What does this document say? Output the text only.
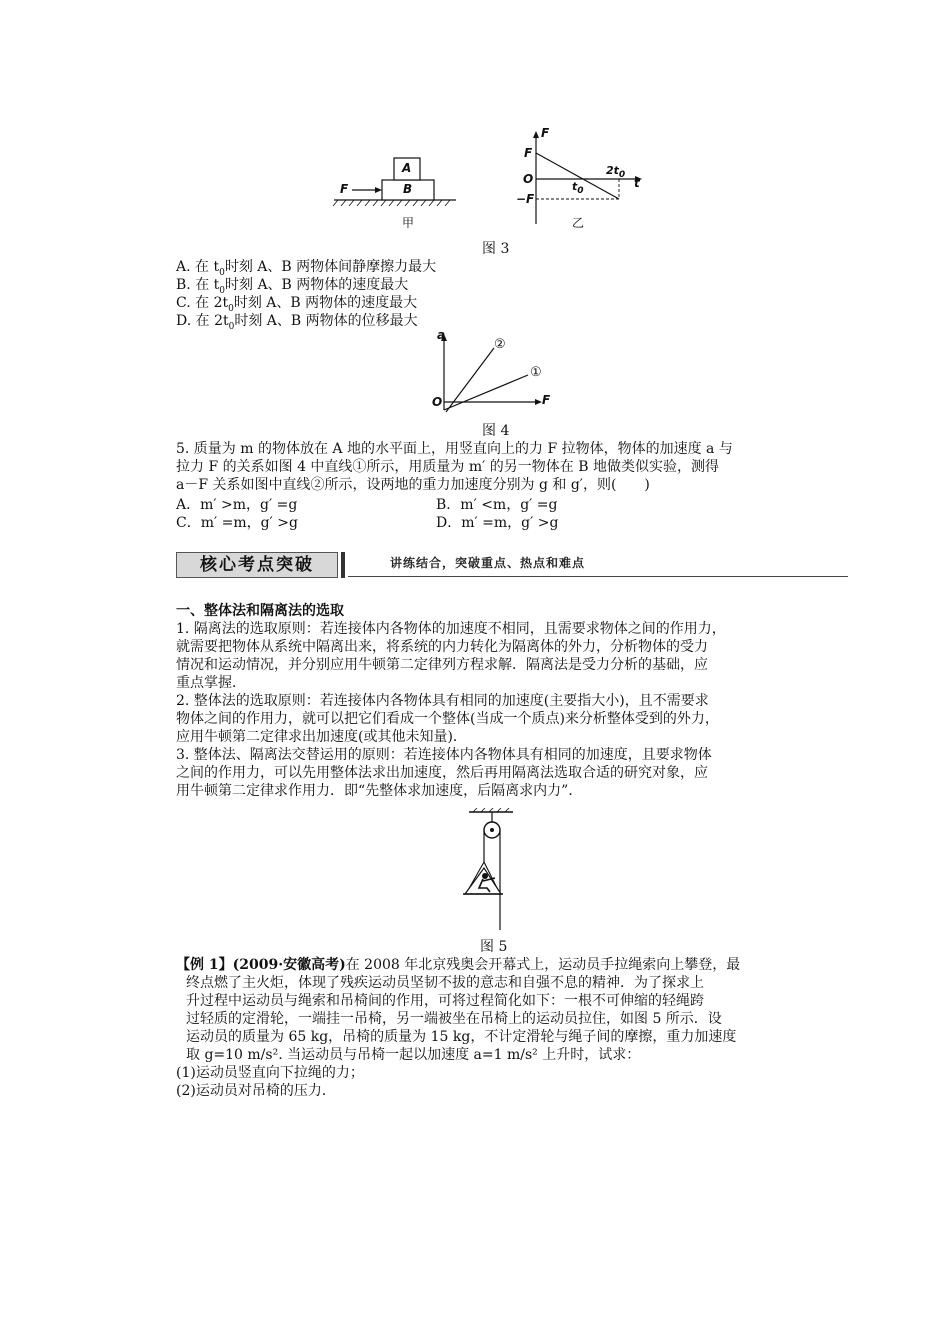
F
A
B
甲
F
F
O
−F
$t_0$
$2t_0$
t
乙
图 3
A. 在 $t_0$时刻 A、B 两物体间静摩擦力最大
B. 在 $t_0$时刻 A、B 两物体的速度最大
C. 在 $2t_0$时刻 A、B 两物体的速度最大
D. 在 $2t_0$时刻 A、B 两物体的位移最大
a
F
O
②
①
图 4
5. 质量为 m 的物体放在 A 地的水平面上，用竖直向上的力 F 拉物体，物体的加速度 a 与
拉力 F 的关系如图 4 中直线①所示，用质量为 m′ 的另一物体在 B 地做类似实验，测得
a－F 关系如图中直线②所示，设两地的重力加速度分别为 g 和 g′，则(　　)
A．m′ >m，g′ =g	B．m′ <m，g′ =g
C．m′ =m，g′ >g	D．m′ =m，g′ >g
核心考点突破	讲练结合，突破重点、热点和难点
一、整体法和隔离法的选取
1. 隔离法的选取原则：若连接体内各物体的加速度不相同，且需要求物体之间的作用力，
就需要把物体从系统中隔离出来，将系统的内力转化为隔离体的外力，分析物体的受力
情况和运动情况，并分别应用牛顿第二定律列方程求解．隔离法是受力分析的基础，应
重点掌握．
2. 整体法的选取原则：若连接体内各物体具有相同的加速度(主要指大小)，且不需要求
物体之间的作用力，就可以把它们看成一个整体(当成一个质点)来分析整体受到的外力，
应用牛顿第二定律求出加速度(或其他未知量)．
3. 整体法、隔离法交替运用的原则：若连接体内各物体具有相同的加速度，且要求物体
之间的作用力，可以先用整体法求出加速度，然后再用隔离法选取合适的研究对象，应
用牛顿第二定律求作用力．即“先整体求加速度，后隔离求内力”．
图 5
【例 1】(2009·安徽高考)在 2008 年北京残奥会开幕式上，运动员手拉绳索向上攀登，最
终点燃了主火炬，体现了残疾运动员坚韧不拔的意志和自强不息的精神．为了探求上
升过程中运动员与绳索和吊椅间的作用，可将过程简化如下：一根不可伸缩的轻绳跨
过轻质的定滑轮，一端挂一吊椅，另一端被坐在吊椅上的运动员拉住，如图 5 所示．设
运动员的质量为 65 kg，吊椅的质量为 15 kg，不计定滑轮与绳子间的摩擦，重力加速度
取 g=10 m/s². 当运动员与吊椅一起以加速度 a=1 m/s² 上升时，试求：
(1)运动员竖直向下拉绳的力；
(2)运动员对吊椅的压力．
